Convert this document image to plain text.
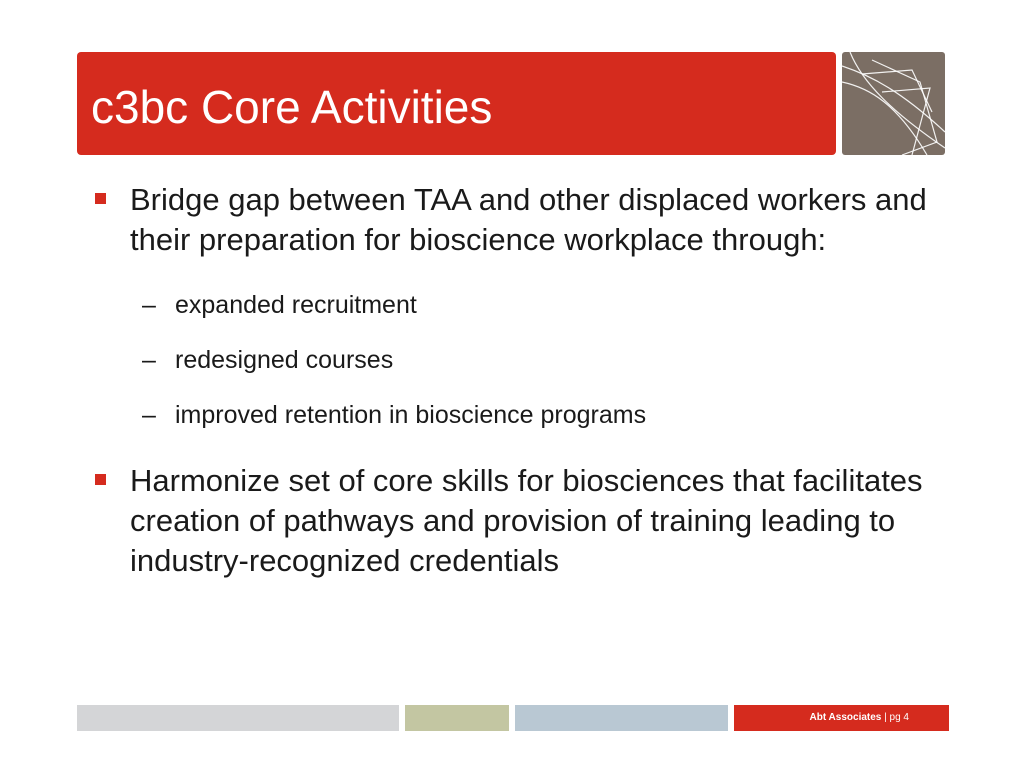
c3bc Core Activities
Bridge gap between TAA and other displaced workers and their preparation for bioscience workplace through:
– expanded recruitment
– redesigned courses
– improved retention in bioscience programs
Harmonize set of core skills for biosciences that facilitates creation of pathways and provision of training leading to industry-recognized credentials
Abt Associates | pg 4
